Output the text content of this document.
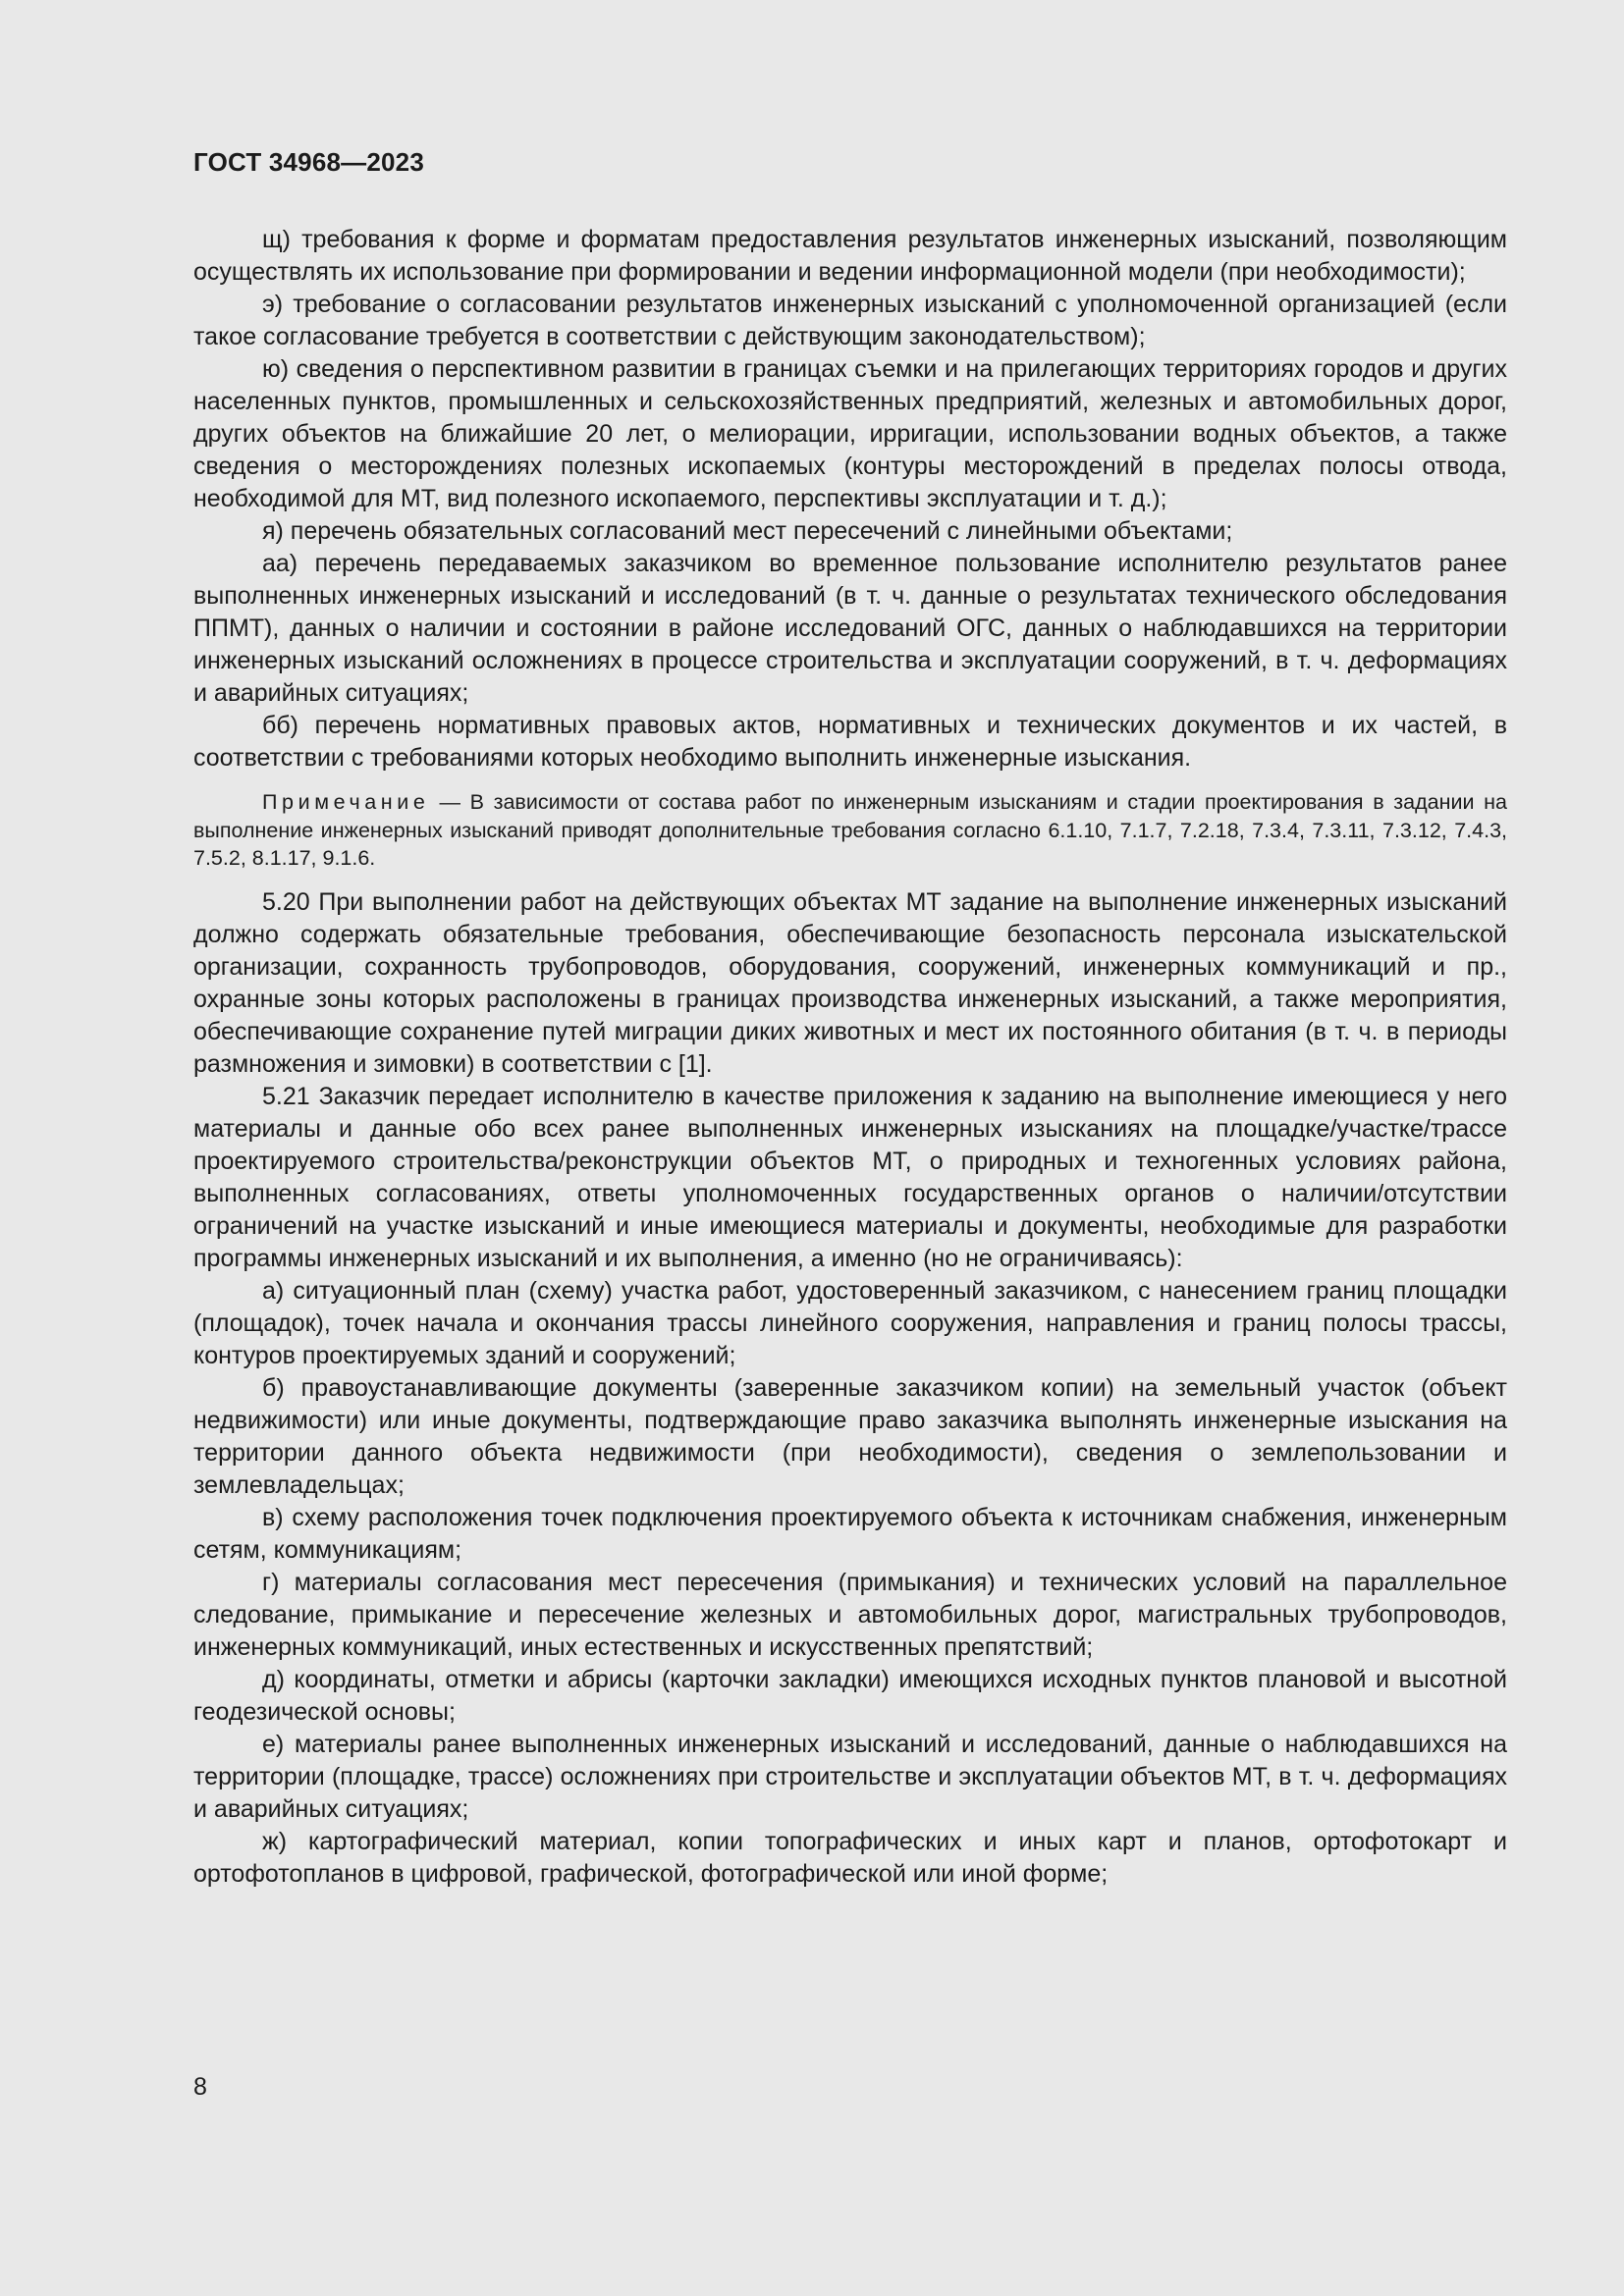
ГОСТ 34968—2023

щ) требования к форме и форматам предоставления результатов инженерных изысканий, позволяющим осуществлять их использование при формировании и ведении информационной модели (при необходимости);

э) требование о согласовании результатов инженерных изысканий с уполномоченной организацией (если такое согласование требуется в соответствии с действующим законодательством);

ю) сведения о перспективном развитии в границах съемки и на прилегающих территориях городов и других населенных пунктов, промышленных и сельскохозяйственных предприятий, железных и автомобильных дорог, других объектов на ближайшие 20 лет, о мелиорации, ирригации, использовании водных объектов, а также сведения о месторождениях полезных ископаемых (контуры месторождений в пределах полосы отвода, необходимой для МТ, вид полезного ископаемого, перспективы эксплуатации и т. д.);

я) перечень обязательных согласований мест пересечений с линейными объектами;

аа) перечень передаваемых заказчиком во временное пользование исполнителю результатов ранее выполненных инженерных изысканий и исследований (в т. ч. данные о результатах технического обследования ППМТ), данных о наличии и состоянии в районе исследований ОГС, данных о наблюдавшихся на территории инженерных изысканий осложнениях в процессе строительства и эксплуатации сооружений, в т. ч. деформациях и аварийных ситуациях;

бб) перечень нормативных правовых актов, нормативных и технических документов и их частей, в соответствии с требованиями которых необходимо выполнить инженерные изыскания.

Примечание — В зависимости от состава работ по инженерным изысканиям и стадии проектирования в задании на выполнение инженерных изысканий приводят дополнительные требования согласно 6.1.10, 7.1.7, 7.2.18, 7.3.4, 7.3.11, 7.3.12, 7.4.3, 7.5.2, 8.1.17, 9.1.6.

5.20 При выполнении работ на действующих объектах МТ задание на выполнение инженерных изысканий должно содержать обязательные требования, обеспечивающие безопасность персонала изыскательской организации, сохранность трубопроводов, оборудования, сооружений, инженерных коммуникаций и пр., охранные зоны которых расположены в границах производства инженерных изысканий, а также мероприятия, обеспечивающие сохранение путей миграции диких животных и мест их постоянного обитания (в т. ч. в периоды размножения и зимовки) в соответствии с [1].

5.21 Заказчик передает исполнителю в качестве приложения к заданию на выполнение имеющиеся у него материалы и данные обо всех ранее выполненных инженерных изысканиях на площадке/участке/трассе проектируемого строительства/реконструкции объектов МТ, о природных и техногенных условиях района, выполненных согласованиях, ответы уполномоченных государственных органов о наличии/отсутствии ограничений на участке изысканий и иные имеющиеся материалы и документы, необходимые для разработки программы инженерных изысканий и их выполнения, а именно (но не ограничиваясь):

а) ситуационный план (схему) участка работ, удостоверенный заказчиком, с нанесением границ площадки (площадок), точек начала и окончания трассы линейного сооружения, направления и границ полосы трассы, контуров проектируемых зданий и сооружений;

б) правоустанавливающие документы (заверенные заказчиком копии) на земельный участок (объект недвижимости) или иные документы, подтверждающие право заказчика выполнять инженерные изыскания на территории данного объекта недвижимости (при необходимости), сведения о землепользовании и землевладельцах;

в) схему расположения точек подключения проектируемого объекта к источникам снабжения, инженерным сетям, коммуникациям;

г) материалы согласования мест пересечения (примыкания) и технических условий на параллельное следование, примыкание и пересечение железных и автомобильных дорог, магистральных трубопроводов, инженерных коммуникаций, иных естественных и искусственных препятствий;

д) координаты, отметки и абрисы (карточки закладки) имеющихся исходных пунктов плановой и высотной геодезической основы;

е) материалы ранее выполненных инженерных изысканий и исследований, данные о наблюдавшихся на территории (площадке, трассе) осложнениях при строительстве и эксплуатации объектов МТ, в т. ч. деформациях и аварийных ситуациях;

ж) картографический материал, копии топографических и иных карт и планов, ортофотокарт и ортофотопланов в цифровой, графической, фотографической или иной форме;

8
